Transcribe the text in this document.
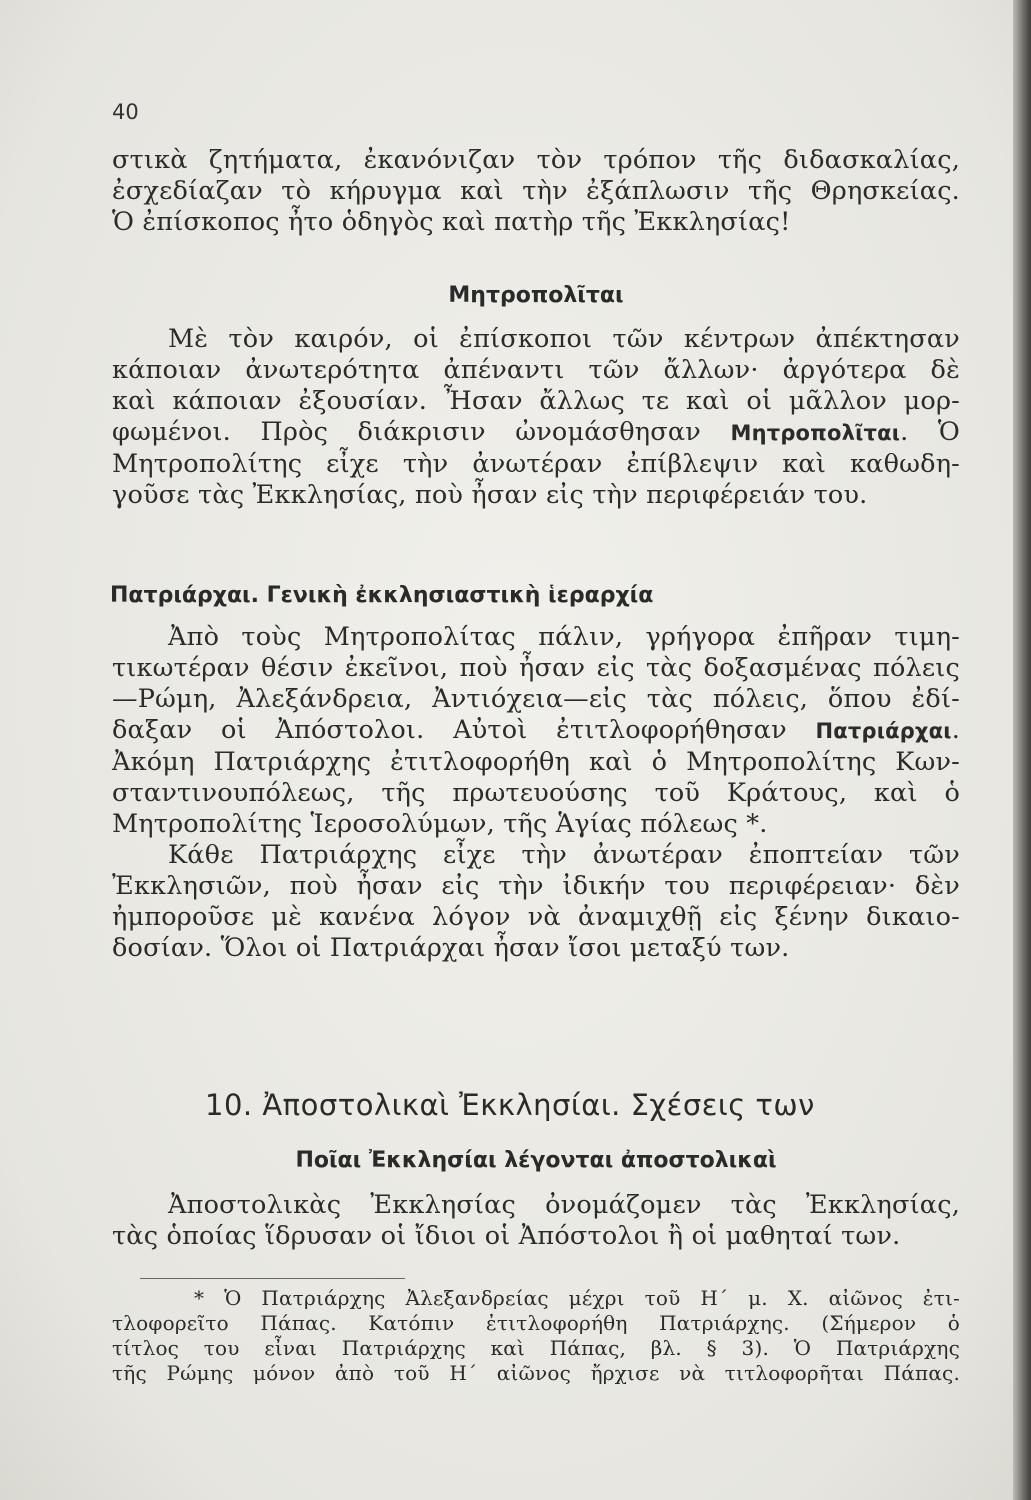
40
στικὰ ζητήματα, ἐκανόνιζαν τὸν τρόπον τῆς διδασκαλίας,
ἐσχεδίαζαν τὸ κήρυγμα καὶ τὴν ἐξάπλωσιν τῆς Θρησκείας.
Ὁ ἐπίσκοπος ἦτο ὁδηγὸς καὶ πατὴρ τῆς Ἐκκλησίας!
Μητροπολῖται
Μὲ τὸν καιρόν, οἱ ἐπίσκοποι τῶν κέντρων ἀπέκτησαν
κάποιαν ἀνωτερότητα ἀπέναντι τῶν ἄλλων· ἀργότερα δὲ
καὶ κάποιαν ἐξουσίαν. Ἦσαν ἄλλως τε καὶ οἱ μᾶλλον μορ-
φωμένοι. Πρὸς διάκρισιν ὠνομάσθησαν Μητροπολῖται. Ὁ
Μητροπολίτης εἶχε τὴν ἀνωτέραν ἐπίβλεψιν καὶ καθωδη-
γοῦσε τὰς Ἐκκλησίας, ποὺ ἦσαν εἰς τὴν περιφέρειάν του.
Πατριάρχαι. Γενικὴ ἐκκλησιαστικὴ ἱεραρχία
Ἀπὸ τοὺς Μητροπολίτας πάλιν, γρήγορα ἐπῆραν τιμη-
τικωτέραν θέσιν ἐκεῖνοι, ποὺ ἦσαν εἰς τὰς δοξασμένας πόλεις
—Ρώμη, Ἀλεξάνδρεια, Ἀντιόχεια—εἰς τὰς πόλεις, ὅπου ἐδί-
δαξαν οἱ Ἀπόστολοι. Αὐτοὶ ἐτιτλοφορήθησαν Πατριάρχαι.
Ἀκόμη Πατριάρχης ἐτιτλοφορήθη καὶ ὁ Μητροπολίτης Κων-
σταντινουπόλεως, τῆς πρωτευούσης τοῦ Κράτους, καὶ ὁ
Μητροπολίτης Ἱεροσολύμων, τῆς Ἁγίας πόλεως *.
Κάθε Πατριάρχης εἶχε τὴν ἀνωτέραν ἐποπτείαν τῶν
Ἐκκλησιῶν, ποὺ ἦσαν εἰς τὴν ἰδικήν του περιφέρειαν· δὲν
ἠμποροῦσε μὲ κανένα λόγον νὰ ἀναμιχθῇ εἰς ξένην δικαιο-
δοσίαν. Ὅλοι οἱ Πατριάρχαι ἦσαν ἴσοι μεταξύ των.
10. Ἀποστολικαὶ Ἐκκλησίαι. Σχέσεις των
Ποῖαι Ἐκκλησίαι λέγονται ἀποστολικαὶ
Ἀποστολικὰς Ἐκκλησίας ὀνομάζομεν τὰς Ἐκκλησίας,
τὰς ὁποίας ἵδρυσαν οἱ ἴδιοι οἱ Ἀπόστολοι ἢ οἱ μαθηταί των.
* Ὁ Πατριάρχης Ἀλεξανδρείας μέχρι τοῦ Η´ μ. Χ. αἰῶνος ἐτι-
τλοφορεῖτο Πάπας. Κατόπιν ἐτιτλοφορήθη Πατριάρχης. (Σήμερον ὁ
τίτλος του εἶναι Πατριάρχης καὶ Πάπας, βλ. § 3). Ὁ Πατριάρχης
τῆς Ρώμης μόνον ἀπὸ τοῦ Η´ αἰῶνος ἤρχισε νὰ τιτλοφορῆται Πάπας.
